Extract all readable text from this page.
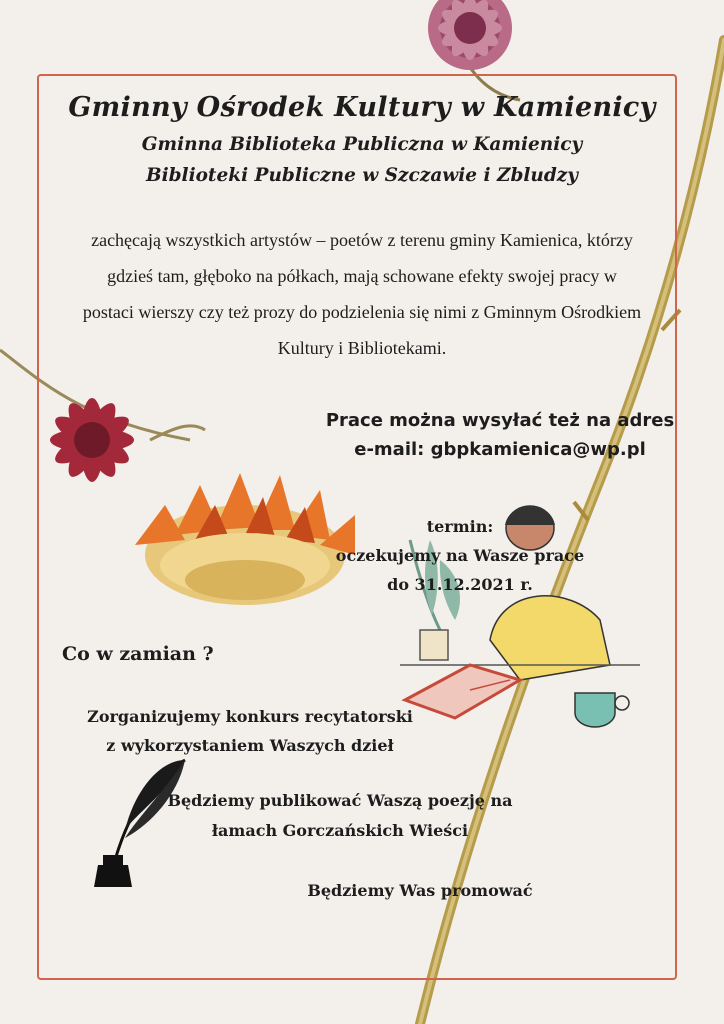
Gminny Ośrodek Kultury w Kamienicy

Gminna Biblioteka Publiczna w Kamienicy

Biblioteki Publiczne w Szczawie i Zbludzy

zachęcają wszystkich artystów – poetów z terenu gminy Kamienica, którzy gdzieś tam, głęboko na półkach, mają schowane efekty swojej pracy w postaci wierszy czy też prozy do podzielenia się nimi z Gminnym Ośrodkiem Kultury i Bibliotekami.

Prace można wysyłać też na adres

e-mail: gbpkamienica@wp.pl

termin:

oczekujemy na Wasze prace

do 31.12.2021 r.

Co w zamian ?

Zorganizujemy konkurs recytatorski

z wykorzystaniem Waszych dzieł

Będziemy publikować Waszą poezję na

łamach Gorczańskich Wieści

Będziemy Was promować
